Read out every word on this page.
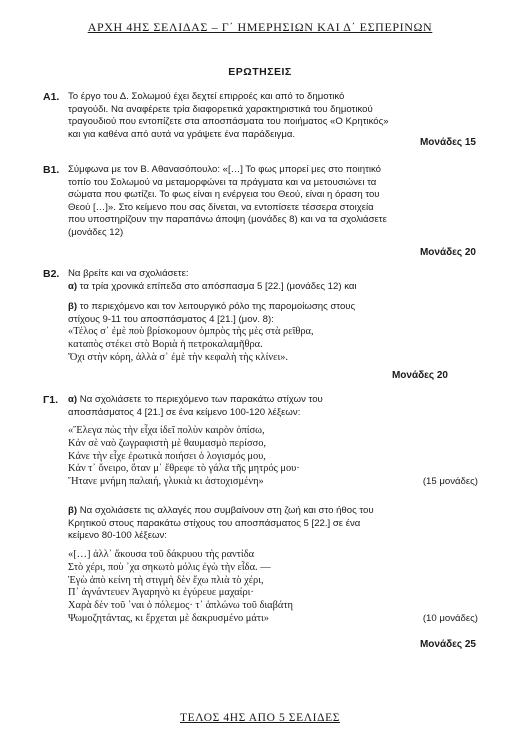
ΑΡΧΗ 4ΗΣ ΣΕΛΙΔΑΣ – Γ΄ ΗΜΕΡΗΣΙΩΝ ΚΑΙ Δ΄ ΕΣΠΕΡΙΝΩΝ
ΕΡΩΤΗΣΕΙΣ
Α1. Το έργο του Δ. Σολωμού έχει δεχτεί επιρροές και από το δημοτικό
τραγούδι. Να αναφέρετε τρία διαφορετικά χαρακτηριστικά του δημοτικού
τραγουδιού που εντοπίζετε στα αποσπάσματα του ποιήματος «Ο Κρητικός»
και για καθένα από αυτά να γράψετε ένα παράδειγμα.
Μονάδες 15
Β1. Σύμφωνα με τον Β. Αθανασόπουλο: «[…] Το φως μπορεί μες στο ποιητικό
τοπίο του Σολωμού να μεταμορφώνει τα πράγματα και να μετουσιώνει τα
σώματα που φωτίζει. Το φως είναι η ενέργεια του Θεού, είναι η όραση του
Θεού […]». Στο κείμενο που σας δίνεται, να εντοπίσετε τέσσερα στοιχεία
που υποστηρίζουν την παραπάνω άποψη (μονάδες 8) και να τα σχολιάσετε
(μονάδες 12)
Μονάδες 20
Β2. Να βρείτε και να σχολιάσετε:
α) τα τρία χρονικά επίπεδα στο απόσπασμα 5 [22.] (μονάδες 12) και
β) το περιεχόμενο και τον λειτουργικό ρόλο της παρομοίωσης στους
στίχους 9-11 του αποσπάσματος 4 [21.] (μον. 8):
«Τέλος σ᾿ ἐμὲ ποὺ βρίσκομουν ὀμπρὸς τὴς μὲς στὰ ρεῖθρα,
καταπὸς στέκει στὸ Βοριὰ ἡ πετροκαλαμῆθρα.
Ὄχι στὴν κόρη, ἀλλὰ σ᾿ ἐμὲ τὴν κεφαλὴ τὴς κλίνει».
Μονάδες 20
Γ1.	α) Να σχολιάσετε το περιεχόμενο των παρακάτω στίχων του
αποσπάσματος 4 [21.] σε ένα κείμενο 100-120 λέξεων:
«Ἔλεγα πὼς τὴν εἶχα ἰδεῖ πολὺν καιρὸν ὀπίσω,
Κἀν σὲ ναὸ ζωγραφιστὴ μὲ θαυμασμὸ περίσσο,
Κἀνε τὴν εἶχε ἐρωτικὰ ποιήσει ὁ λογισμός μου,
Κἀν τ᾿ ὄνειρο, ὅταν μ᾿ ἔθρεφε τὸ γάλα τῆς μητρός μου·
Ἤτανε μνήμη παλαιή, γλυκιὰ κι ἀστοχισμένη»	(15 μονάδες)
β) Να σχολιάσετε τις αλλαγές που συμβαίνουν στη ζωή και στο ήθος του
Κρητικού στους παρακάτω στίχους του αποσπάσματος 5 [22.] σε ένα
κείμενο 80-100 λέξεων:
«[…] ἀλλ᾿ ἄκουσα τοῦ δάκρυου τὴς ραντίδα
Στὸ χέρι, ποὺ ᾿χα σηκωτὸ μόλις ἐγὼ τὴν εἶδα. —
Ἐγὼ ἀπὸ κείνη τὴ στιγμὴ δὲν ἔχω πλιὰ τὸ χέρι,
Π᾿ ἀγνάντευεν Ἀγαρηνὸ κι ἐγύρευε μαχαίρι·
Χαρὰ δὲν τοῦ ᾿ναι ὁ πόλεμος· τ᾿ ἁπλώνω τοῦ διαβάτη
Ψωμοζητάντας, κι ἔρχεται μὲ δακρυσμένο μάτι»	(10 μονάδες)
Μονάδες 25
ΤΕΛΟΣ 4ΗΣ ΑΠΟ 5 ΣΕΛΙΔΕΣ
